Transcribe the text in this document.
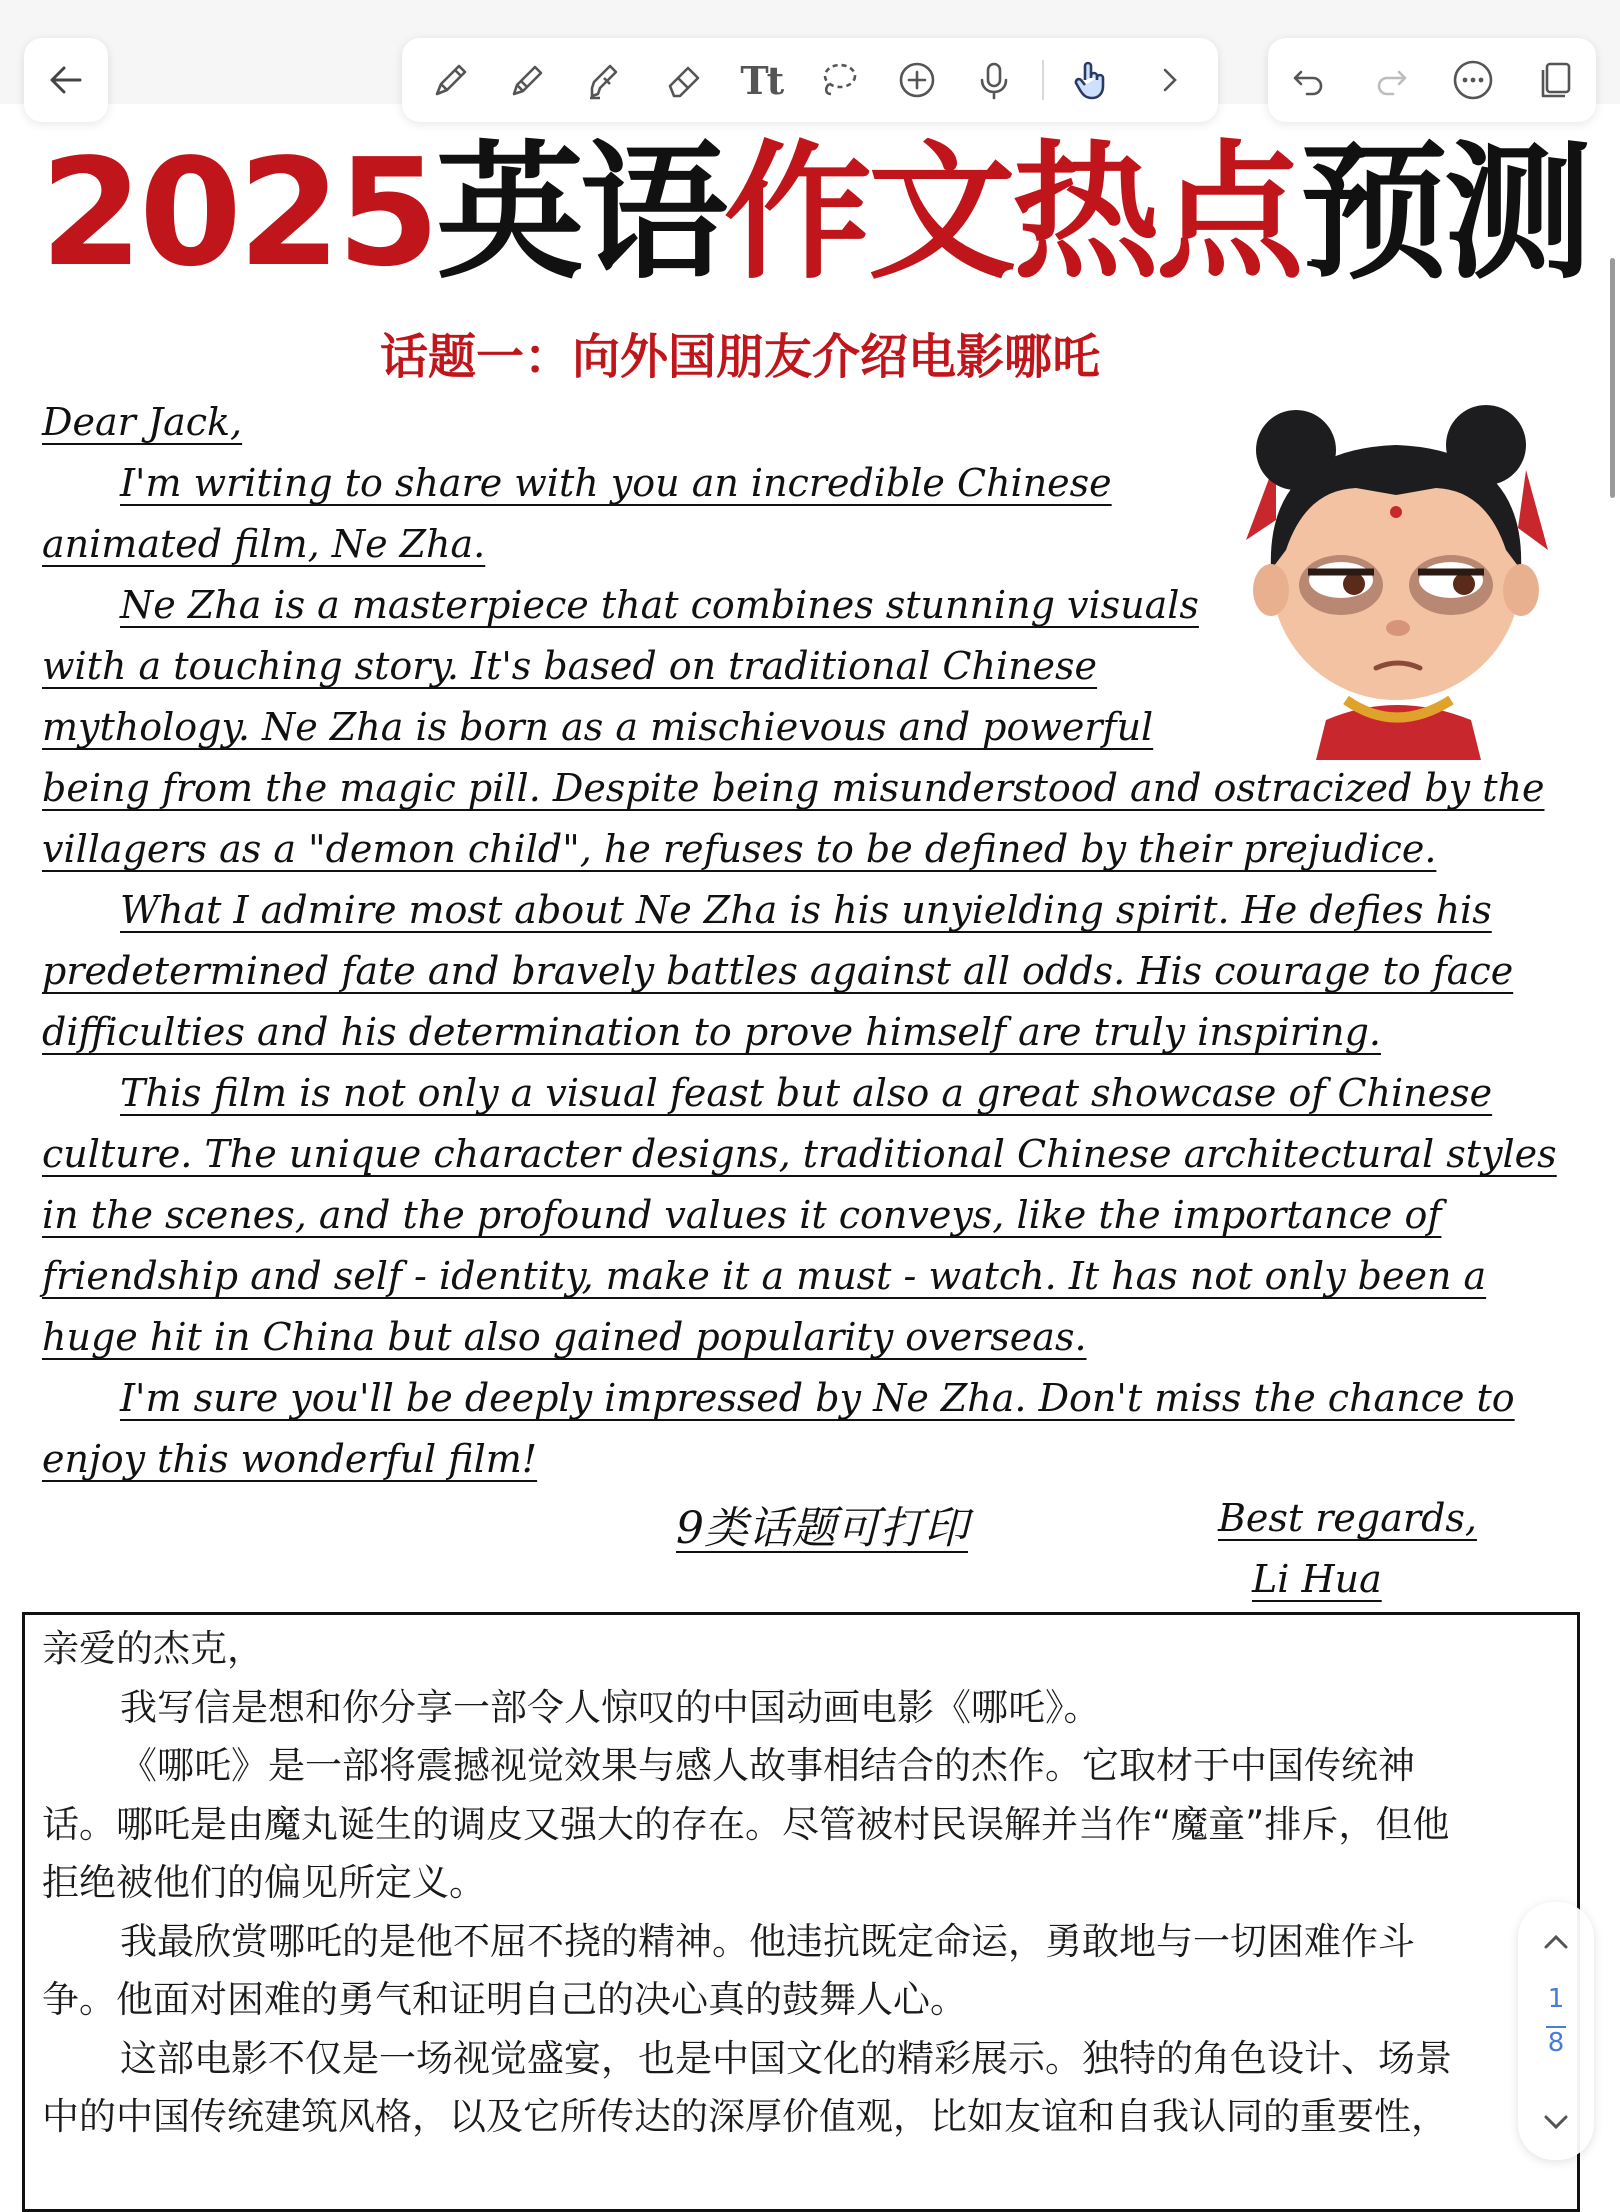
Tt
2025英语作文热点预测
话题一：向外国朋友介绍电影哪吒
Dear Jack,
I'm writing to share with you an incredible Chinese
animated film, Ne Zha.
Ne Zha is a masterpiece that combines stunning visuals
with a touching story. It's based on traditional Chinese
mythology. Ne Zha is born as a mischievous and powerful
being from the magic pill. Despite being misunderstood and ostracized by the
villagers as a "demon child", he refuses to be defined by their prejudice.
What I admire most about Ne Zha is his unyielding spirit. He defies his
predetermined fate and bravely battles against all odds. His courage to face
difficulties and his determination to prove himself are truly inspiring.
This film is not only a visual feast but also a great showcase of Chinese
culture. The unique character designs, traditional Chinese architectural styles
in the scenes, and the profound values it conveys, like the importance of
friendship and self - identity, make it a must - watch. It has not only been a
huge hit in China but also gained popularity overseas.
I'm sure you'll be deeply impressed by Ne Zha. Don't miss the chance to
enjoy this wonderful film!
9类话题可打印	Best regards,
Li Hua
亲爱的杰克，
我写信是想和你分享一部令人惊叹的中国动画电影《哪吒》。
《哪吒》是一部将震撼视觉效果与感人故事相结合的杰作。它取材于中国传统神
话。哪吒是由魔丸诞生的调皮又强大的存在。尽管被村民误解并当作“魔童”排斥，但他
拒绝被他们的偏见所定义。
我最欣赏哪吒的是他不屈不挠的精神。他违抗既定命运，勇敢地与一切困难作斗
争。他面对困难的勇气和证明自己的决心真的鼓舞人心。
这部电影不仅是一场视觉盛宴，也是中国文化的精彩展示。独特的角色设计、场景
中的中国传统建筑风格，以及它所传达的深厚价值观，比如友谊和自我认同的重要性，
1
8
